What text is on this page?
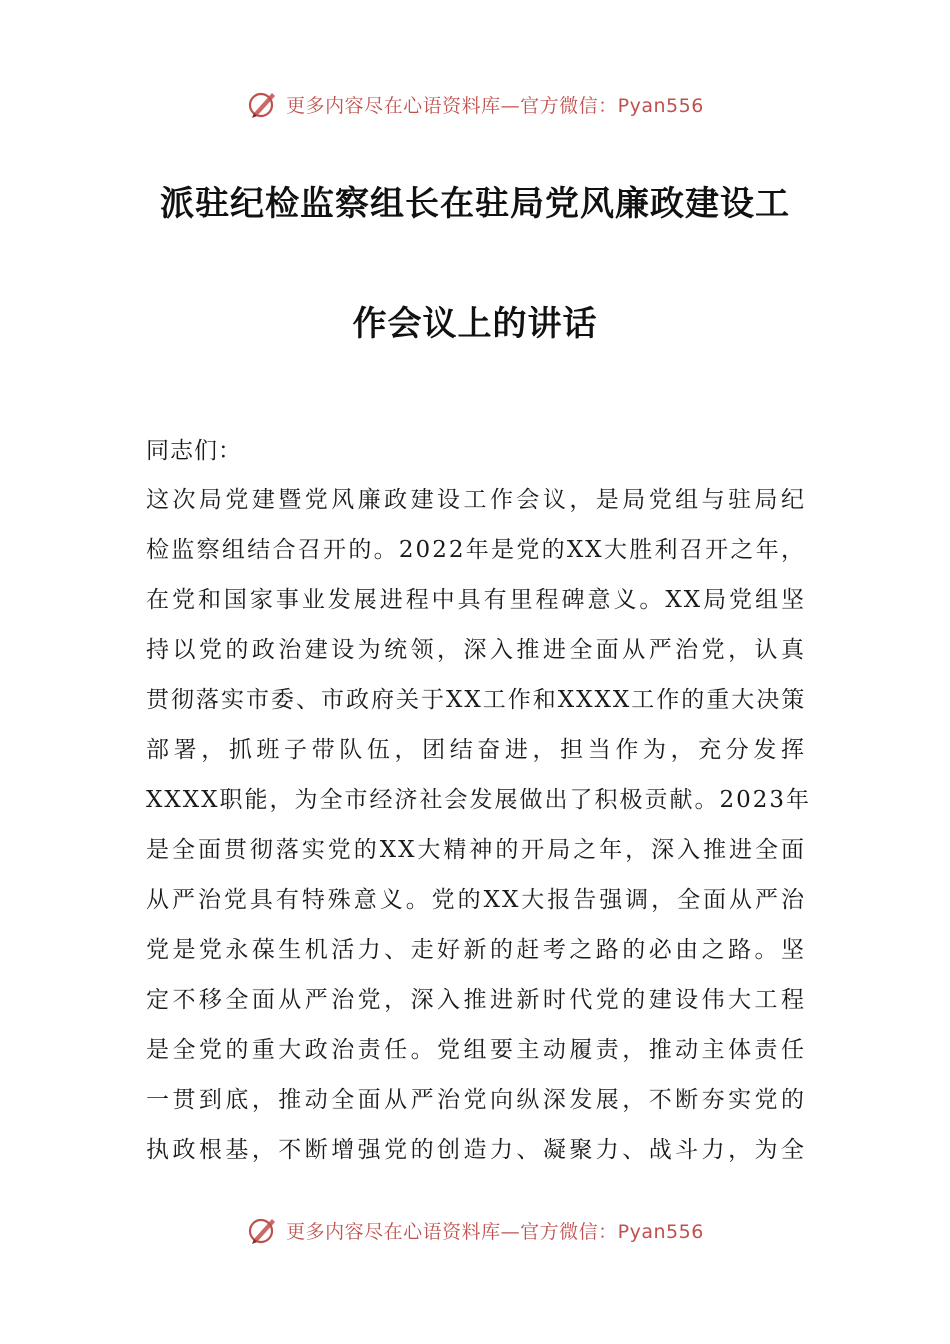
更多内容尽在心语资料库—官方微信：Pyan556
派驻纪检监察组长在驻局党风廉政建设工
作会议上的讲话
同志们：
这次局党建暨党风廉政建设工作会议，是局党组与驻局纪
检监察组结合召开的。2022年是党的XX大胜利召开之年，
在党和国家事业发展进程中具有里程碑意义。XX局党组坚
持以党的政治建设为统领，深入推进全面从严治党，认真
贯彻落实市委、市政府关于XX工作和XXXX工作的重大决策
部署，抓班子带队伍，团结奋进，担当作为，充分发挥
XXXX职能，为全市经济社会发展做出了积极贡献。2023年
是全面贯彻落实党的XX大精神的开局之年，深入推进全面
从严治党具有特殊意义。党的XX大报告强调，全面从严治
党是党永葆生机活力、走好新的赶考之路的必由之路。坚
定不移全面从严治党，深入推进新时代党的建设伟大工程
是全党的重大政治责任。党组要主动履责，推动主体责任
一贯到底，推动全面从严治党向纵深发展，不断夯实党的
执政根基，不断增强党的创造力、凝聚力、战斗力，为全
更多内容尽在心语资料库—官方微信：Pyan556
